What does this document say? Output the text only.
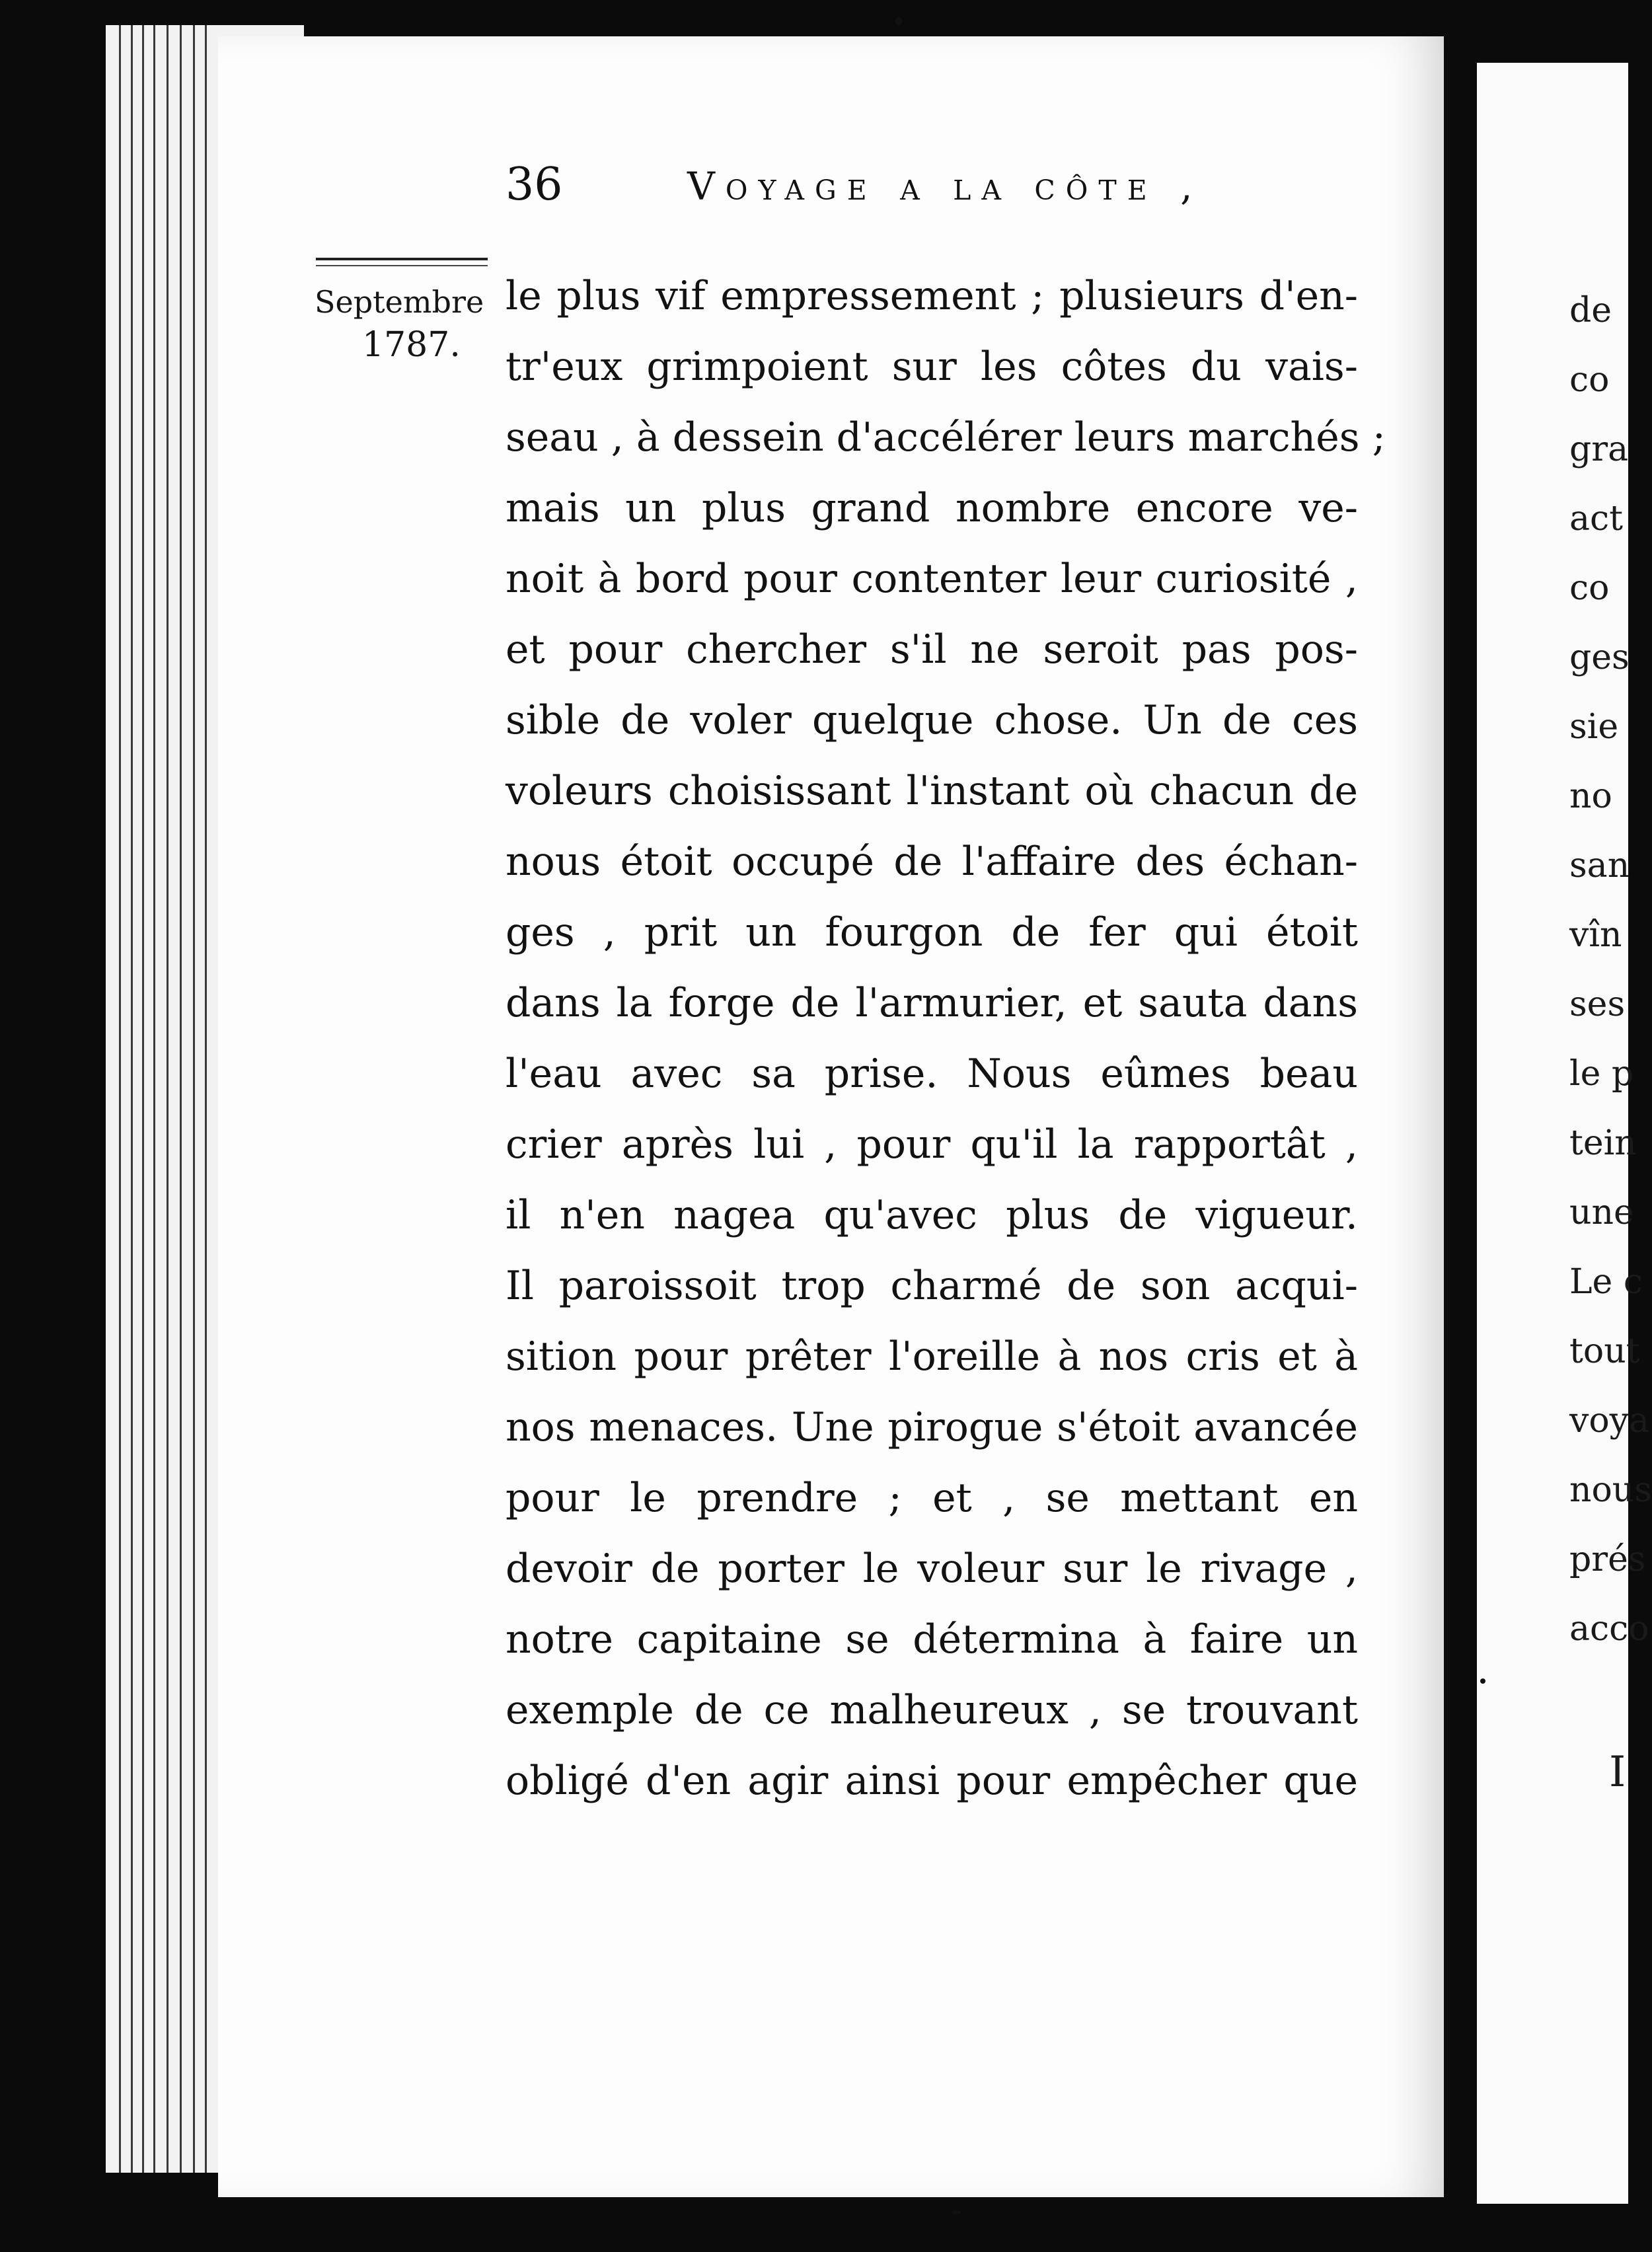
de

co

gra

act

co

ges

sie

no

san

vîn

ses

le p

tein

une

Le c

tout

voya

nous

prés

acco

I

36	Voyage a la côte ,
Septembre
1787.
le plus vif empressement ; plusieurs d'en-
tr'eux grimpoient sur les côtes du vais-
seau , à dessein d'accélérer leurs marchés ;
mais un plus grand nombre encore ve-
noit à bord pour contenter leur curiosité ,
et pour chercher s'il ne seroit pas pos-
sible de voler quelque chose. Un de ces
voleurs choisissant l'instant où chacun de
nous étoit occupé de l'affaire des échan-
ges , prit un fourgon de fer qui étoit
dans la forge de l'armurier, et sauta dans
l'eau avec sa prise. Nous eûmes beau
crier après lui , pour qu'il la rapportât ,
il n'en nagea qu'avec plus de vigueur.
Il paroissoit trop charmé de son acqui-
sition pour prêter l'oreille à nos cris et à
nos menaces. Une pirogue s'étoit avancée
pour le prendre ; et , se mettant en
devoir de porter le voleur sur le rivage ,
notre capitaine se détermina à faire un
exemple de ce malheureux , se trouvant
obligé d'en agir ainsi pour empêcher que
